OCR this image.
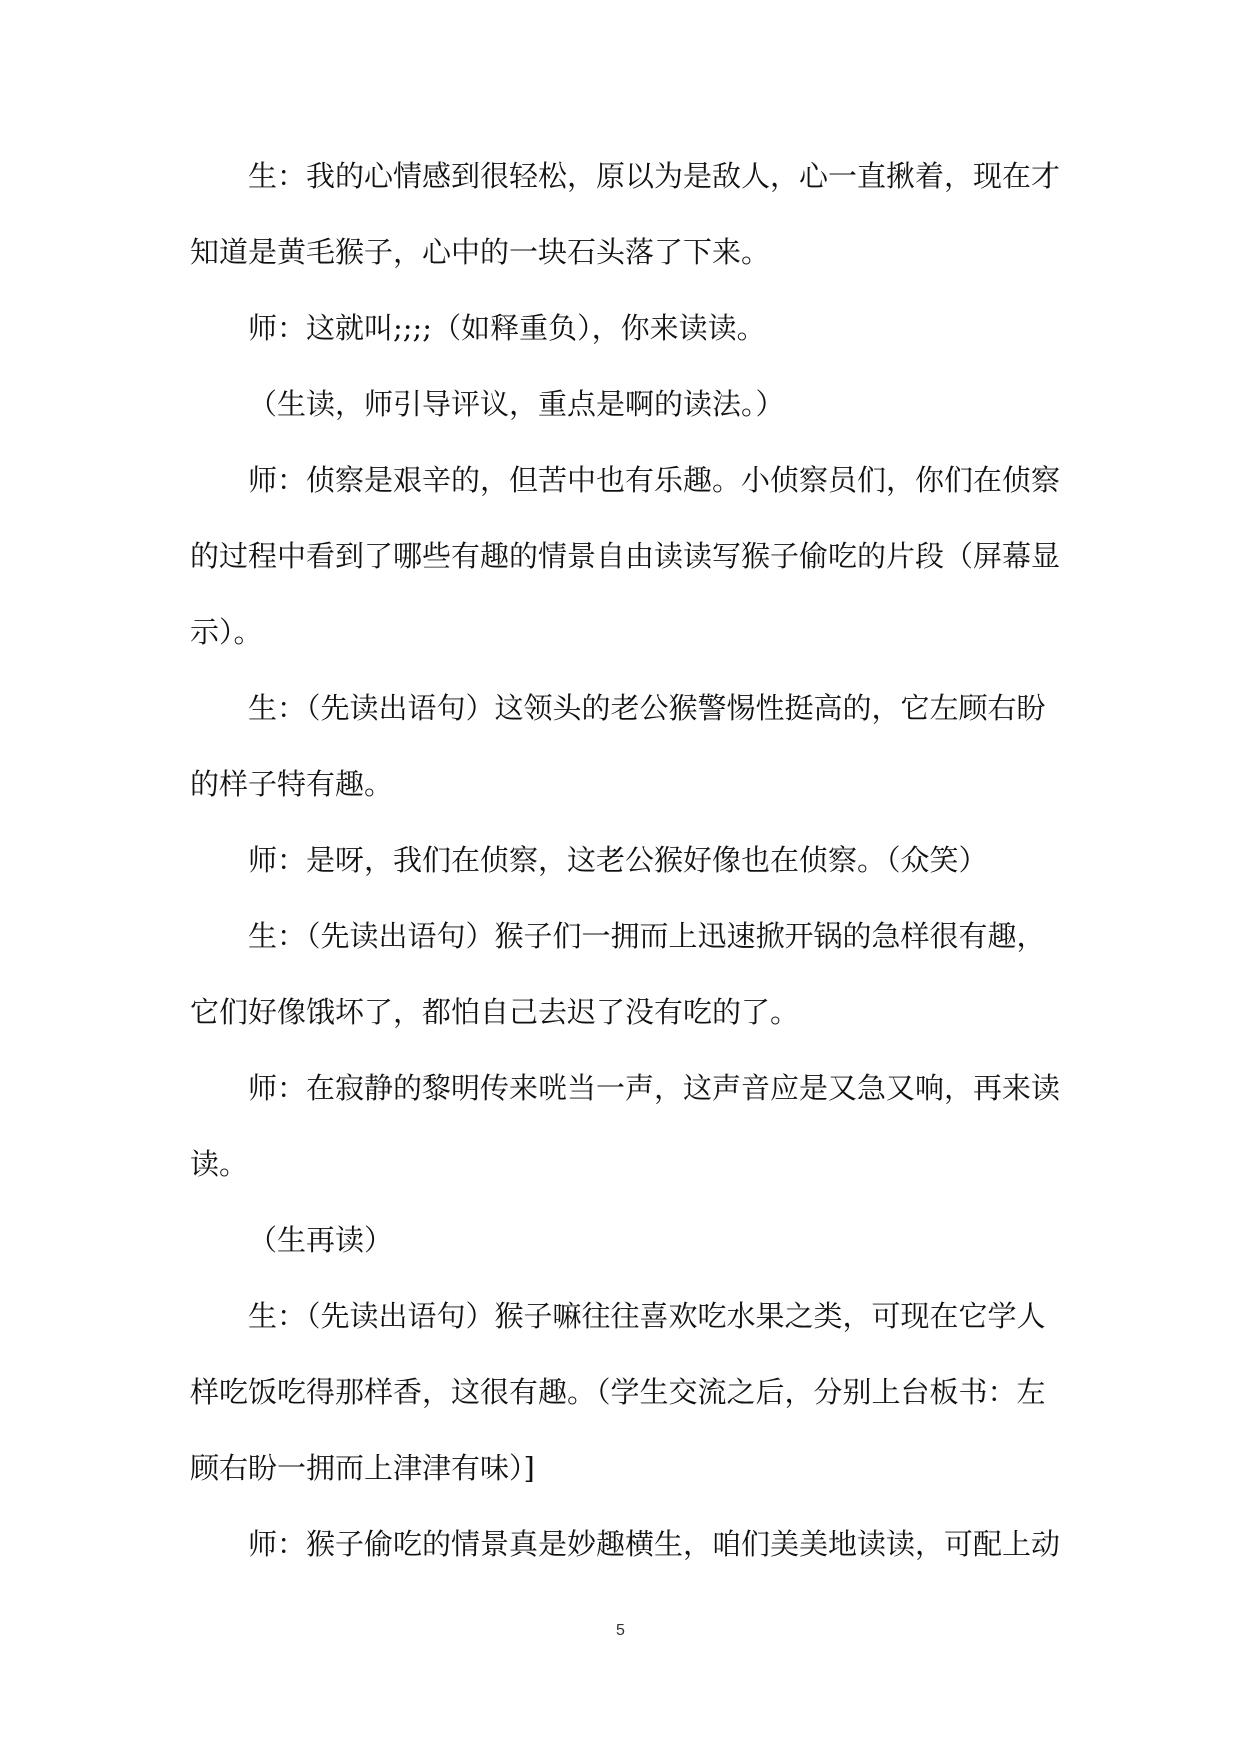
生：我的心情感到很轻松，原以为是敌人，心一直揪着，现在才知道是黄毛猴子，心中的一块石头落了下来。

师：这就叫;;;;（如释重负），你来读读。

（生读，师引导评议，重点是啊的读法。）

师：侦察是艰辛的，但苦中也有乐趣。小侦察员们，你们在侦察的过程中看到了哪些有趣的情景自由读读写猴子偷吃的片段（屏幕显示）。

生：（先读出语句）这领头的老公猴警惕性挺高的，它左顾右盼的样子特有趣。

师：是呀，我们在侦察，这老公猴好像也在侦察。（众笑）

生：（先读出语句）猴子们一拥而上迅速掀开锅的急样很有趣，它们好像饿坏了，都怕自己去迟了没有吃的了。

师：在寂静的黎明传来咣当一声，这声音应是又急又响，再来读读。

（生再读）

生：（先读出语句）猴子嘛往往喜欢吃水果之类，可现在它学人样吃饭吃得那样香，这很有趣。（学生交流之后，分别上台板书：左顾右盼一拥而上津津有味）]

师：猴子偷吃的情景真是妙趣横生，咱们美美地读读，可配上动

5
